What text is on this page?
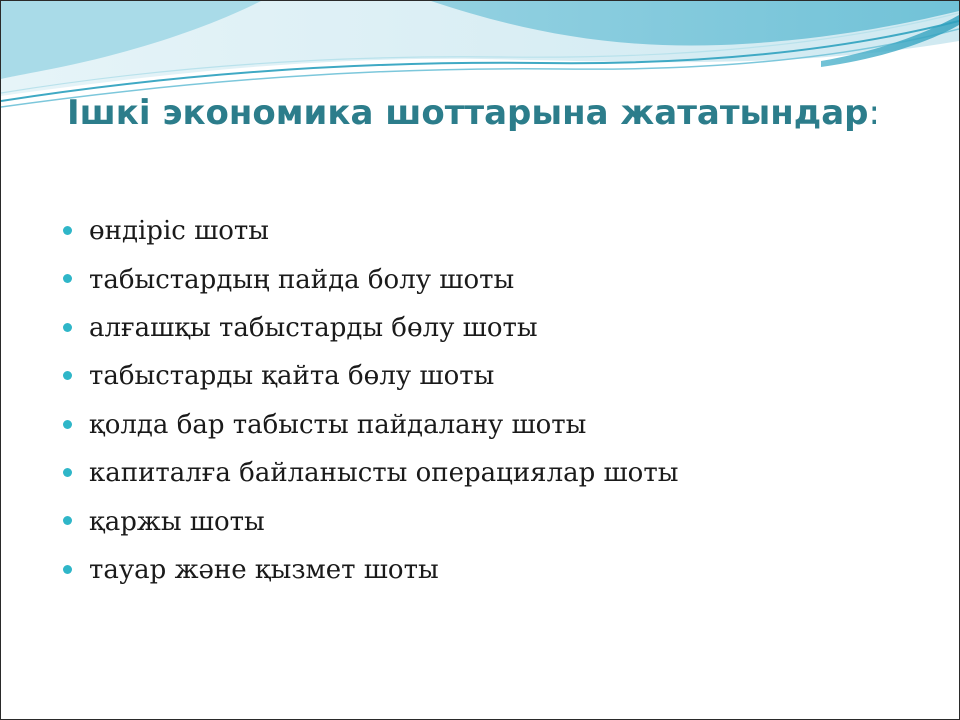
Ішкі экономика шоттарына жататындар:
өндіріс шоты
табыстардың пайда болу шоты
алғашқы табыстарды бөлу шоты
табыстарды қайта бөлу шоты
қолда бар табысты пайдалану шоты
капиталға байланысты операциялар шоты
қаржы шоты
тауар және қызмет шоты
